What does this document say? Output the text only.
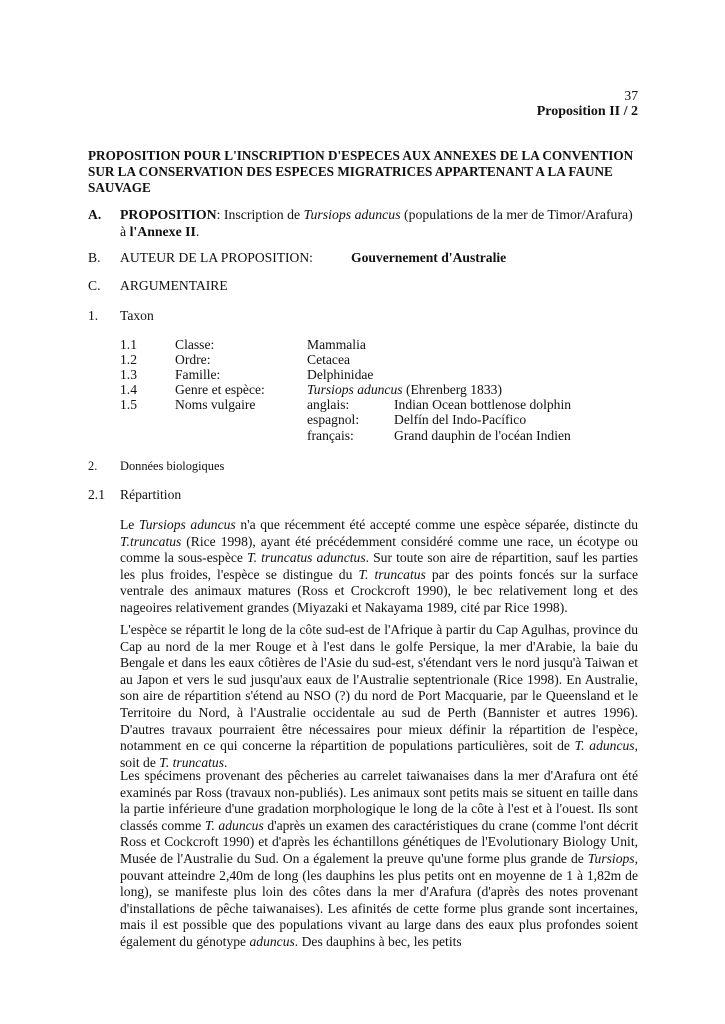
37
Proposition II / 2
PROPOSITION POUR L'INSCRIPTION D'ESPECES AUX ANNEXES DE LA CONVENTION
SUR LA CONSERVATION DES ESPECES MIGRATRICES APPARTENANT A LA FAUNE
SAUVAGE
A. PROPOSITION: Inscription de Tursiops aduncus (populations de la mer de Timor/Arafura)
à l'Annexe II.
B. AUTEUR DE LA PROPOSITION:	Gouvernement d'Australie
C. ARGUMENTAIRE
1. Taxon
1.1	Classe:	Mammalia
1.2	Ordre:	Cetacea
1.3	Famille:	Delphinidae
1.4	Genre et espèce:	Tursiops aduncus (Ehrenberg 1833)
1.5	Noms vulgaire	anglais:	Indian Ocean bottlenose dolphin
espagnol:	Delfín del Indo-Pacífico
français:	Grand dauphin de l'océan Indien
2. Données biologiques
2.1 Répartition
Le Tursiops aduncus n'a que récemment été accepté comme une espèce séparée, distincte du T.truncatus (Rice 1998), ayant été précédemment considéré comme une race, un écotype ou comme la sous-espèce T. truncatus adunctus. Sur toute son aire de répartition, sauf les parties les plus froides, l'espèce se distingue du T. truncatus par des points foncés sur la surface ventrale des animaux matures (Ross et Crockcroft 1990), le bec relativement long et des nageoires relativement grandes (Miyazaki et Nakayama 1989, cité par Rice 1998).
L'espèce se répartit le long de la côte sud-est de l'Afrique à partir du Cap Agulhas, province du Cap au nord de la mer Rouge et à l'est dans le golfe Persique, la mer d'Arabie, la baie du Bengale et dans les eaux côtières de l'Asie du sud-est, s'étendant vers le nord jusqu'à Taiwan et au Japon et vers le sud jusqu'aux eaux de l'Australie septentrionale (Rice 1998). En Australie, son aire de répartition s'étend au NSO (?) du nord de Port Macquarie, par le Queensland et le Territoire du Nord, à l'Australie occidentale au sud de Perth (Bannister et autres 1996). D'autres travaux pourraient être nécessaires pour mieux définir la répartition de l'espèce, notamment en ce qui concerne la répartition de populations particulières, soit de T. aduncus, soit de T. truncatus.
Les spécimens provenant des pêcheries au carrelet taiwanaises dans la mer d'Arafura ont été examinés par Ross (travaux non-publiés). Les animaux sont petits mais se situent en taille dans la partie inférieure d'une gradation morphologique le long de la côte à l'est et à l'ouest. Ils sont classés comme T. aduncus d'après un examen des caractéristiques du crane (comme l'ont décrit Ross et Cockcroft 1990) et d'après les échantillons génétiques de l'Evolutionary Biology Unit, Musée de l'Australie du Sud. On a également la preuve qu'une forme plus grande de Tursiops, pouvant atteindre 2,40m de long (les dauphins les plus petits ont en moyenne de 1 à 1,82m de long), se manifeste plus loin des côtes dans la mer d'Arafura (d'après des notes provenant d'installations de pêche taiwanaises). Les afinités de cette forme plus grande sont incertaines, mais il est possible que des populations vivant au large dans des eaux plus profondes soient également du génotype aduncus. Des dauphins à bec, les petits
